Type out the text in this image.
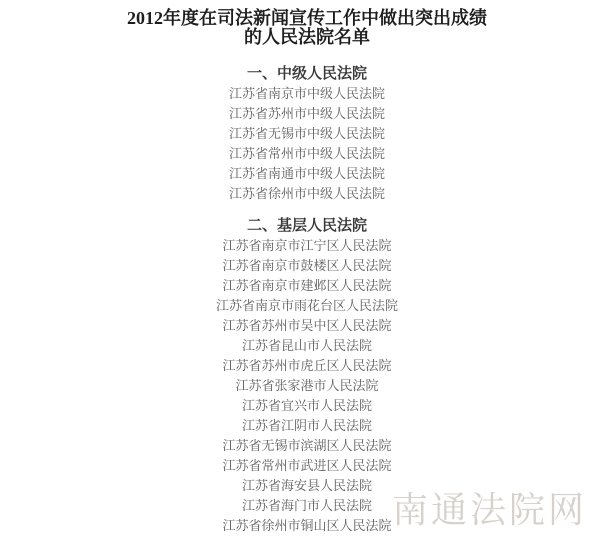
南通法院网
2012年度在司法新闻宣传工作中做出突出成绩
的人民法院名单
一、中级人民法院
江苏省南京市中级人民法院
江苏省苏州市中级人民法院
江苏省无锡市中级人民法院
江苏省常州市中级人民法院
江苏省南通市中级人民法院
江苏省徐州市中级人民法院
二、基层人民法院
江苏省南京市江宁区人民法院
江苏省南京市鼓楼区人民法院
江苏省南京市建邺区人民法院
江苏省南京市雨花台区人民法院
江苏省苏州市吴中区人民法院
江苏省昆山市人民法院
江苏省苏州市虎丘区人民法院
江苏省张家港市人民法院
江苏省宜兴市人民法院
江苏省江阴市人民法院
江苏省无锡市滨湖区人民法院
江苏省常州市武进区人民法院
江苏省海安县人民法院
江苏省海门市人民法院
江苏省徐州市铜山区人民法院
